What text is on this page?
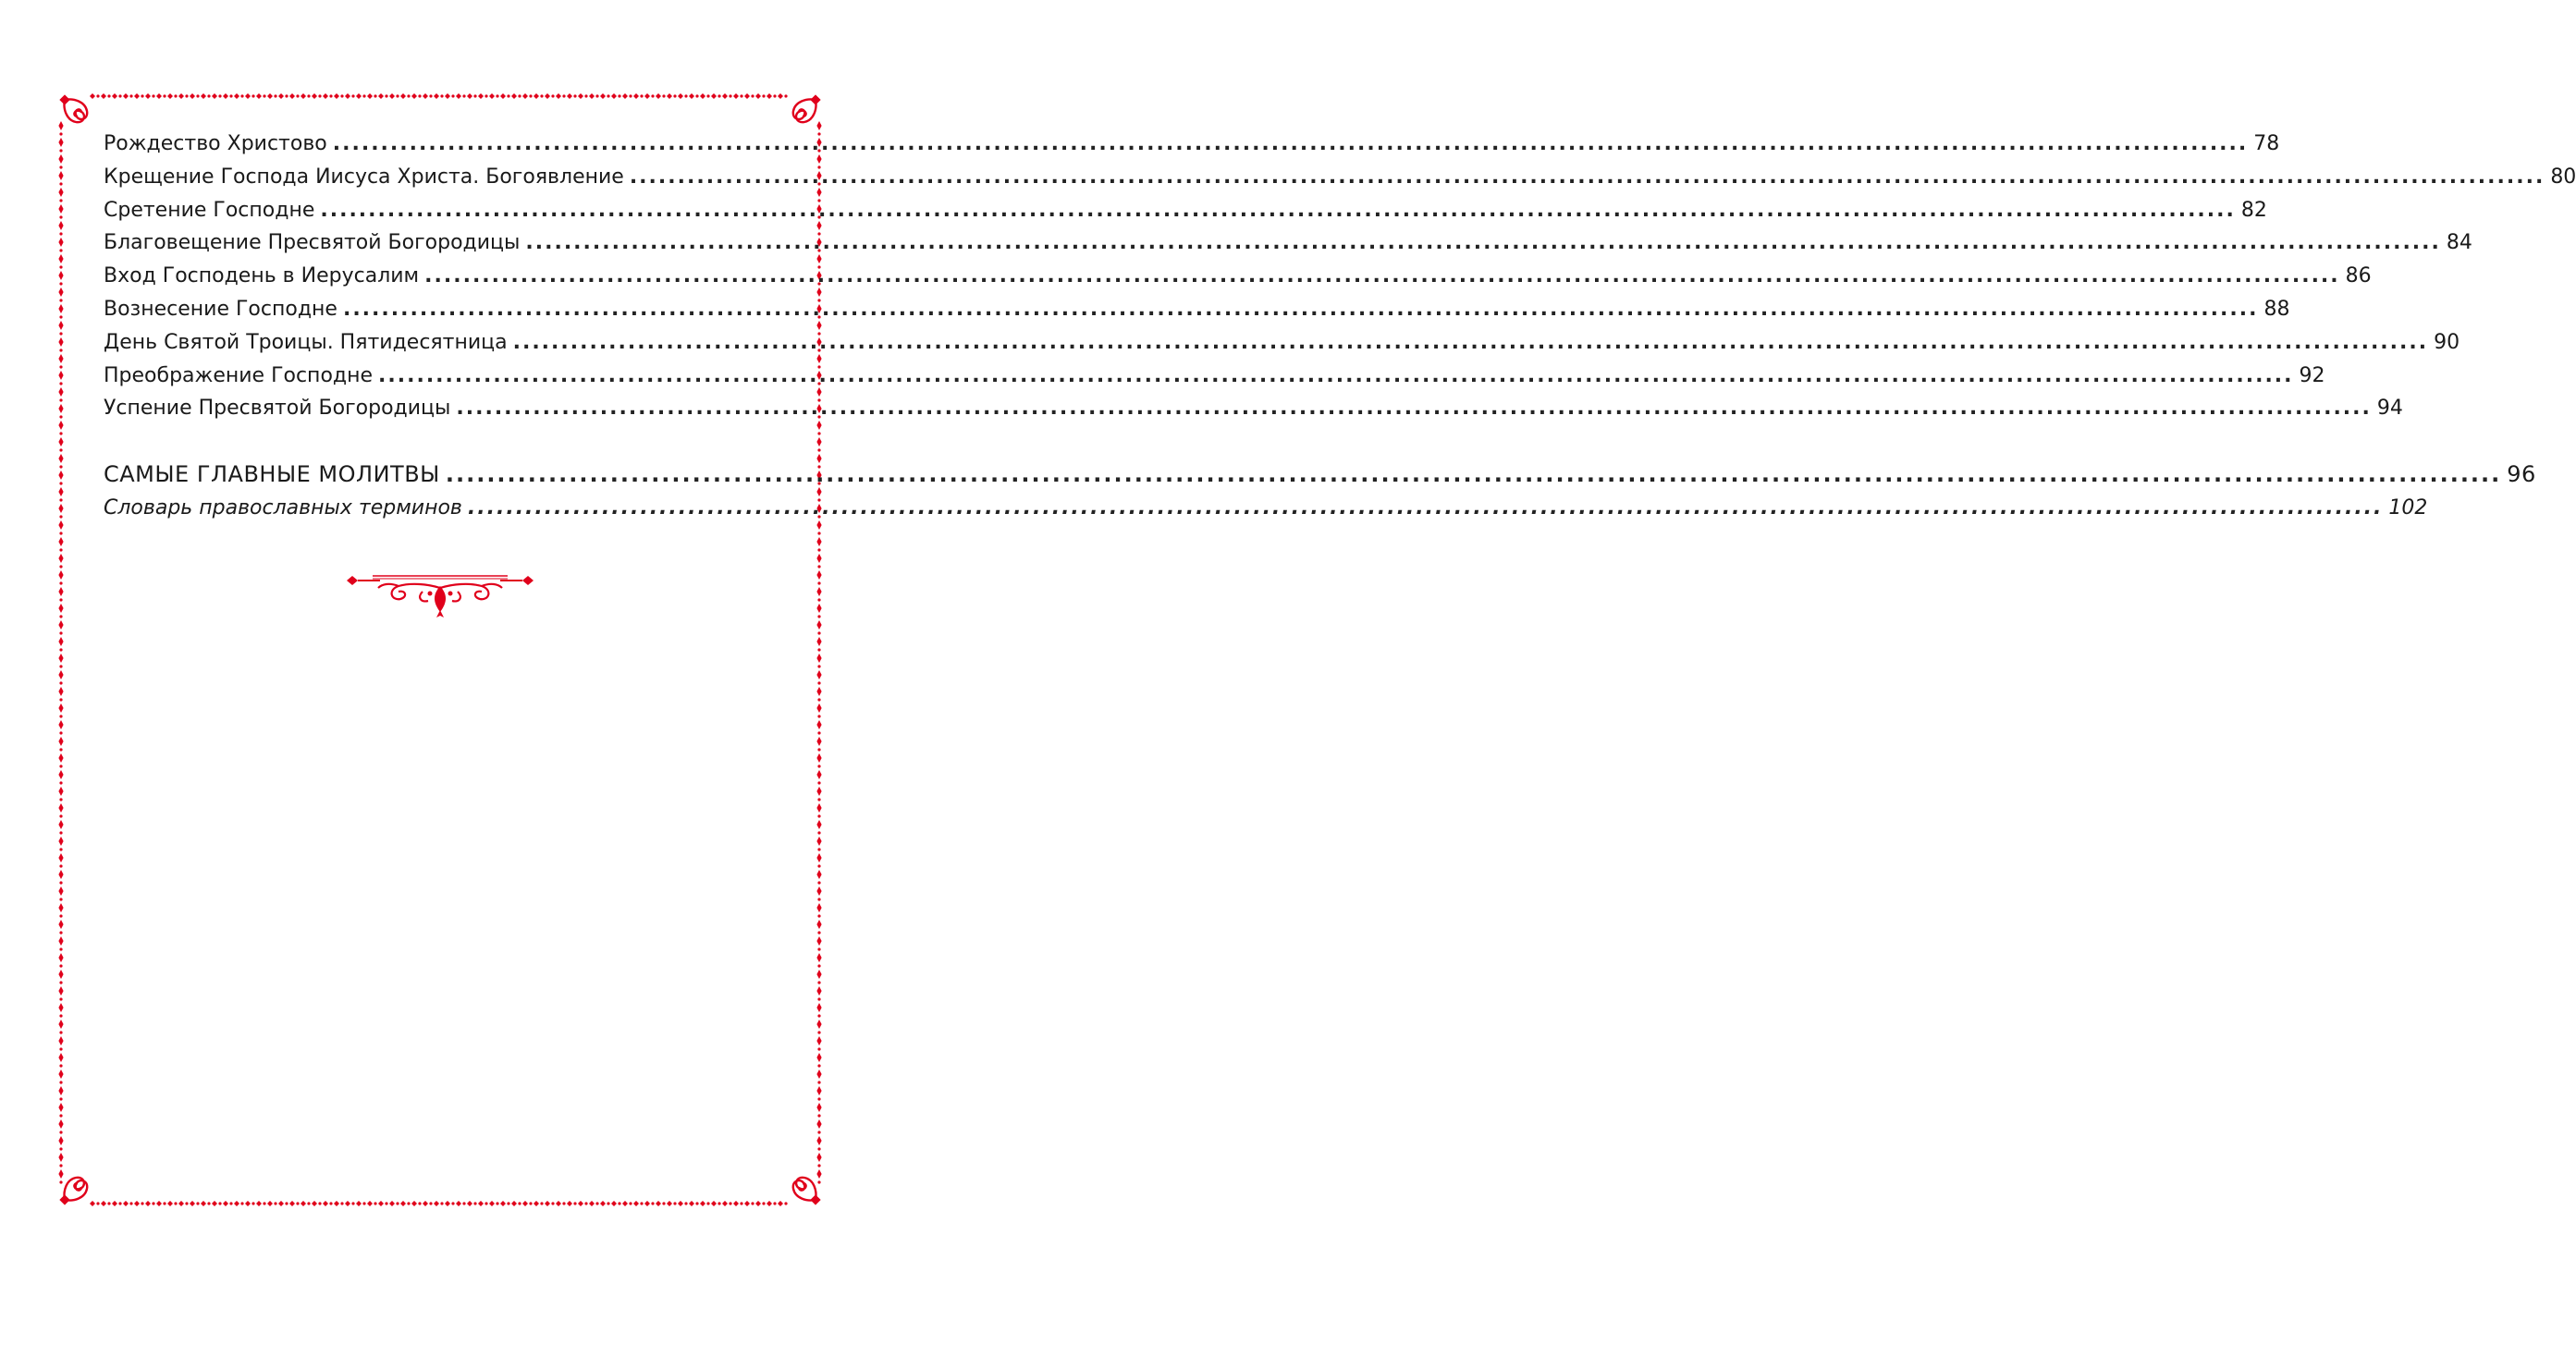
Рождество Христово ........................................................................................................................................................................................................ 78
Крещение Господа Иисуса Христа. Богоявление ........................................................................................................................................................................................................ 80
Сретение Господне ........................................................................................................................................................................................................ 82
Благовещение Пресвятой Богородицы ........................................................................................................................................................................................................ 84
Вход Господень в Иерусалим ........................................................................................................................................................................................................ 86
Вознесение Господне ........................................................................................................................................................................................................ 88
День Святой Троицы. Пятидесятница ........................................................................................................................................................................................................ 90
Преображение Господне ........................................................................................................................................................................................................ 92
Успение Пресвятой Богородицы ........................................................................................................................................................................................................ 94
САМЫЕ ГЛАВНЫЕ МОЛИТВЫ ........................................................................................................................................................................................................ 96
Словарь православных терминов ........................................................................................................................................................................................................ 102
